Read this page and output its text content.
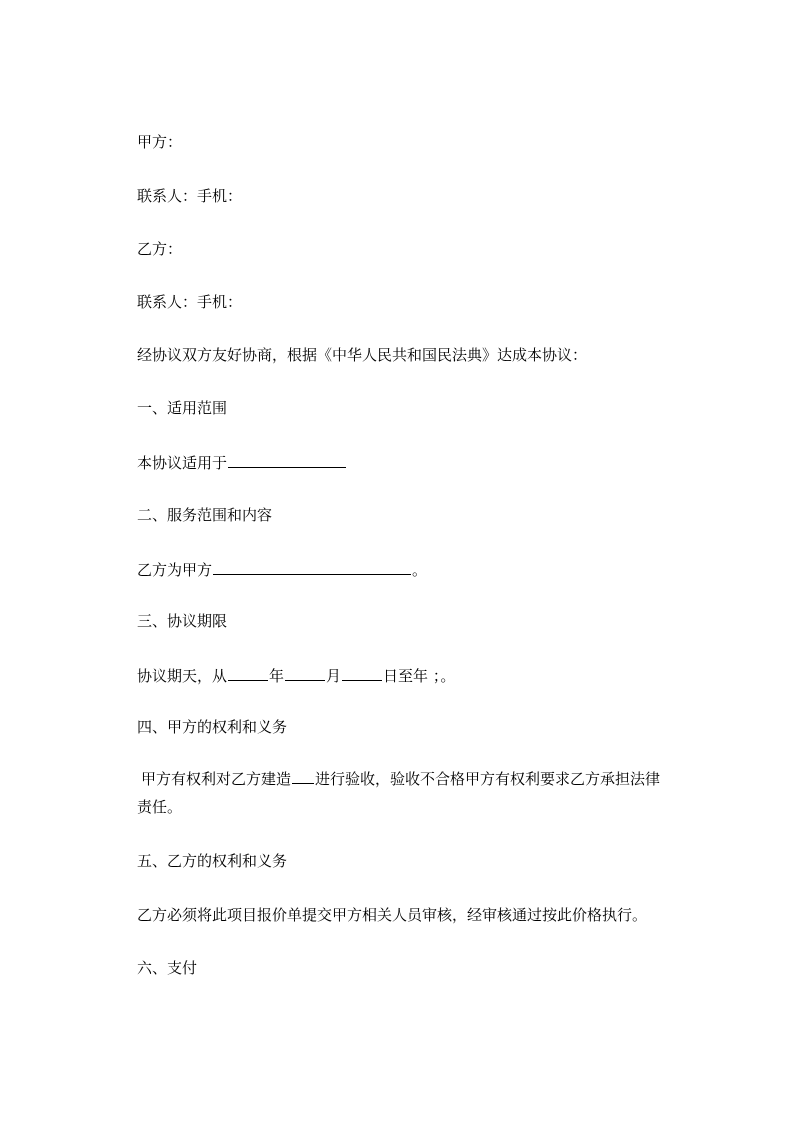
甲方：
联系人：手机：
乙方：
联系人：手机：
经协议双方友好协商，根据《中华人民共和国民法典》达成本协议：
一、适用范围
本协议适用于
二、服务范围和内容
乙方为甲方	。
三、协议期限
协议期天，从	年	月	日至年 ；。
四、甲方的权利和义务
甲方有权利对乙方建造 进行验收，验收不合格甲方有权利要求乙方承担法律
责任。
五、乙方的权利和义务
乙方必须将此项目报价单提交甲方相关人员审核，经审核通过按此价格执行。
六、支付
